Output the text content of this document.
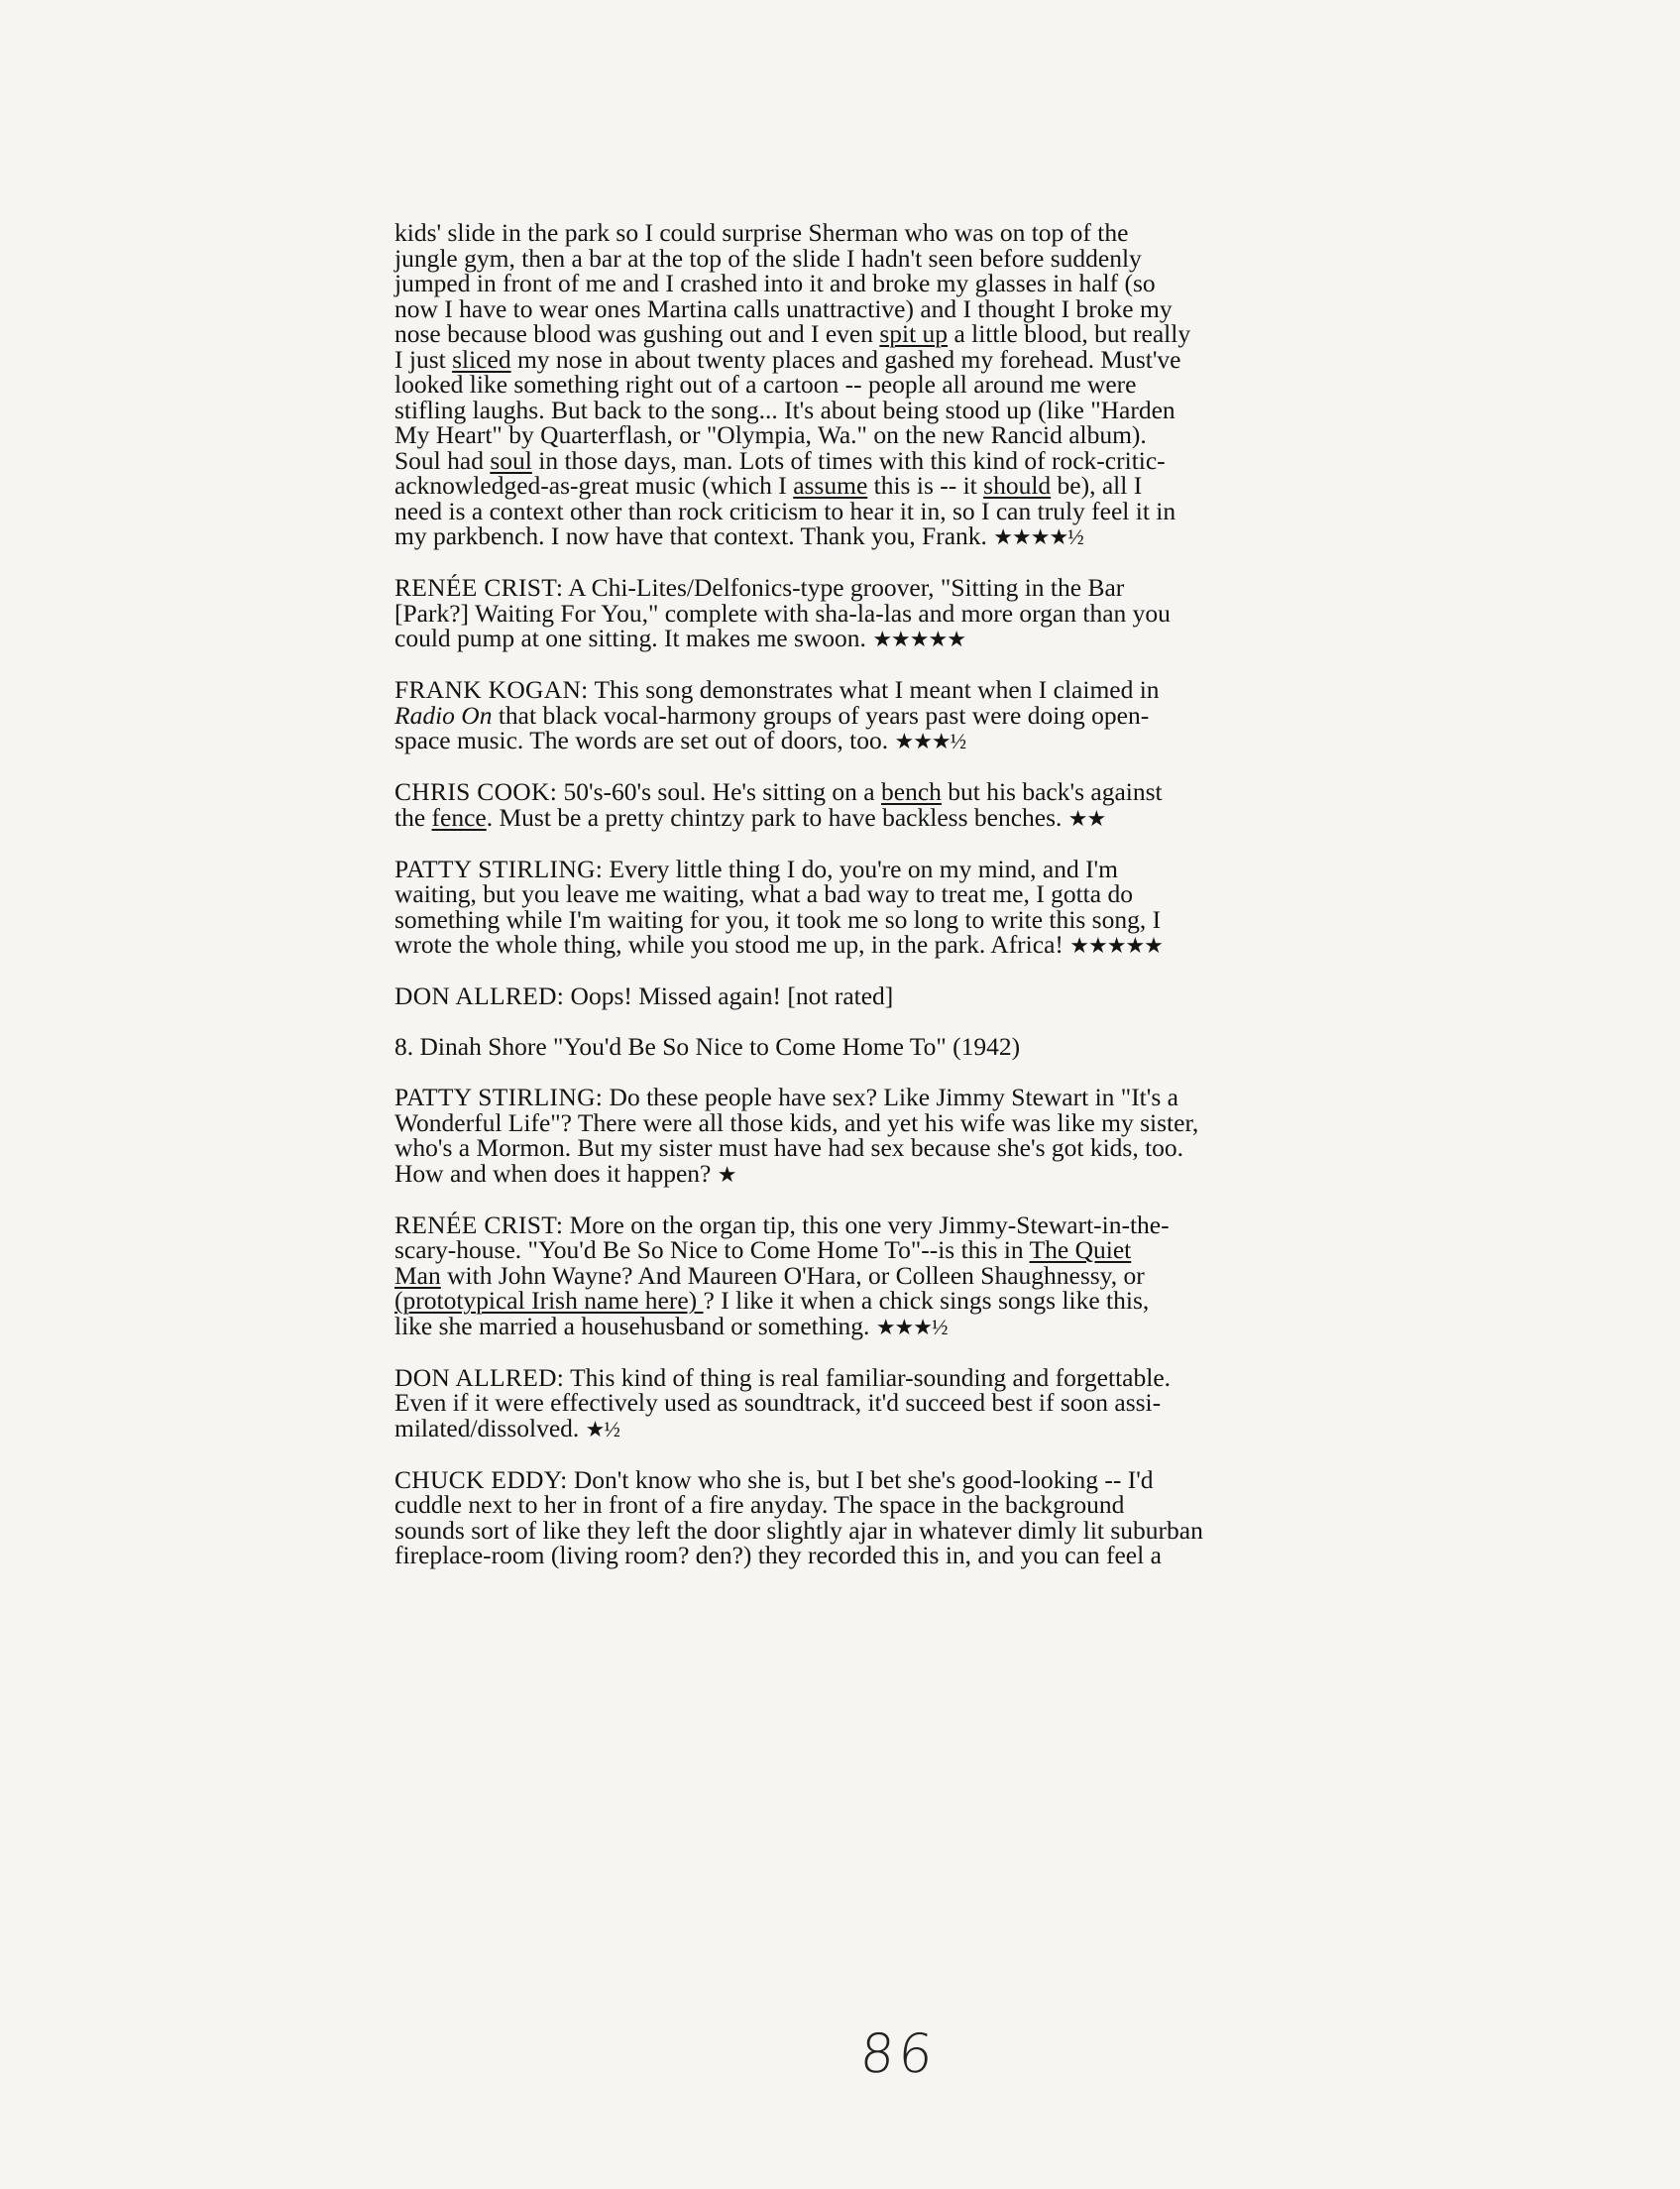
kids' slide in the park so I could surprise Sherman who was on top of the
jungle gym, then a bar at the top of the slide I hadn't seen before suddenly
jumped in front of me and I crashed into it and broke my glasses in half (so
now I have to wear ones Martina calls unattractive) and I thought I broke my
nose because blood was gushing out and I even spit up a little blood, but really
I just sliced my nose in about twenty places and gashed my forehead. Must've
looked like something right out of a cartoon -- people all around me were
stifling laughs. But back to the song... It's about being stood up (like "Harden
My Heart" by Quarterflash, or "Olympia, Wa." on the new Rancid album).
Soul had soul in those days, man. Lots of times with this kind of rock-critic-
acknowledged-as-great music (which I assume this is -- it should be), all I
need is a context other than rock criticism to hear it in, so I can truly feel it in
my parkbench. I now have that context. Thank you, Frank. ★★★★½
RENÉE CRIST: A Chi-Lites/Delfonics-type groover, "Sitting in the Bar
[Park?] Waiting For You," complete with sha-la-las and more organ than you
could pump at one sitting. It makes me swoon. ★★★★★
FRANK KOGAN: This song demonstrates what I meant when I claimed in
Radio On that black vocal-harmony groups of years past were doing open-
space music. The words are set out of doors, too. ★★★½
CHRIS COOK: 50's-60's soul. He's sitting on a bench but his back's against
the fence. Must be a pretty chintzy park to have backless benches. ★★
PATTY STIRLING: Every little thing I do, you're on my mind, and I'm
waiting, but you leave me waiting, what a bad way to treat me, I gotta do
something while I'm waiting for you, it took me so long to write this song, I
wrote the whole thing, while you stood me up, in the park. Africa! ★★★★★
DON ALLRED: Oops! Missed again! [not rated]
8. Dinah Shore "You'd Be So Nice to Come Home To" (1942)
PATTY STIRLING: Do these people have sex? Like Jimmy Stewart in "It's a
Wonderful Life"? There were all those kids, and yet his wife was like my sister,
who's a Mormon. But my sister must have had sex because she's got kids, too.
How and when does it happen? ★
RENÉE CRIST: More on the organ tip, this one very Jimmy-Stewart-in-the-
scary-house. "You'd Be So Nice to Come Home To"--is this in The Quiet
Man with John Wayne? And Maureen O'Hara, or Colleen Shaughnessy, or
(prototypical Irish name here) ? I like it when a chick sings songs like this,
like she married a househusband or something. ★★★½
DON ALLRED: This kind of thing is real familiar-sounding and forgettable.
Even if it were effectively used as soundtrack, it'd succeed best if soon assi-
milated/dissolved. ★½
CHUCK EDDY: Don't know who she is, but I bet she's good-looking -- I'd
cuddle next to her in front of a fire anyday. The space in the background
sounds sort of like they left the door slightly ajar in whatever dimly lit suburban
fireplace-room (living room? den?) they recorded this in, and you can feel a
86
